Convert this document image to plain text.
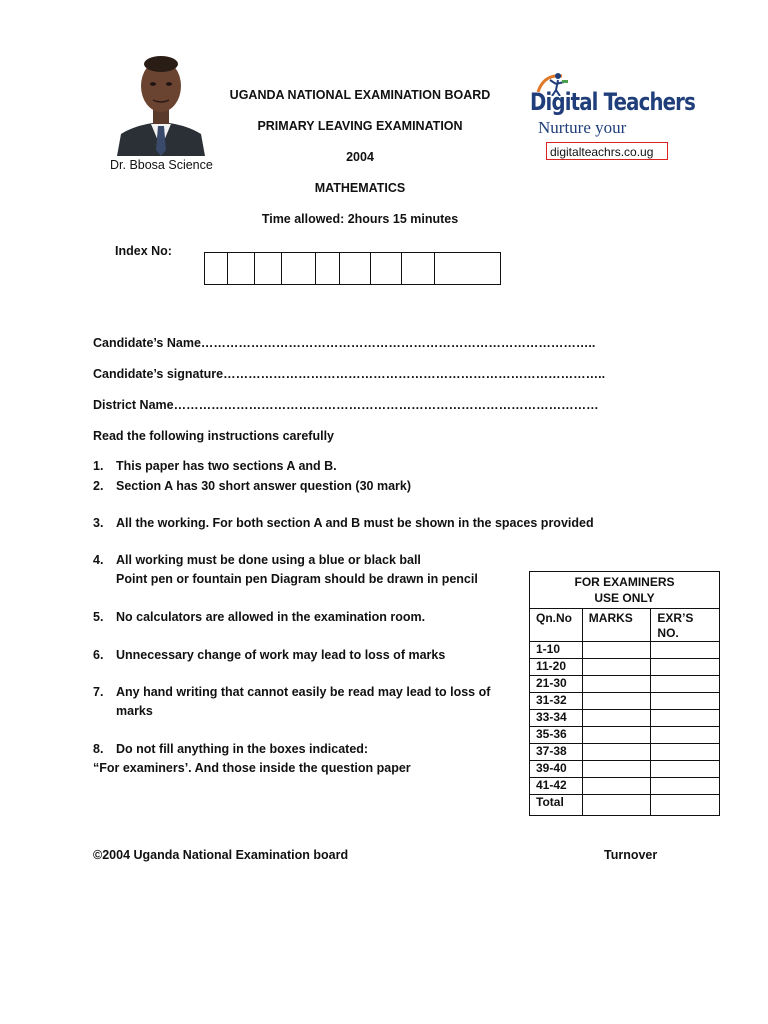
Dr. Bbosa Science
UGANDA NATIONAL EXAMINATION BOARD
PRIMARY LEAVING EXAMINATION
2004
MATHEMATICS
Time allowed: 2hours 15 minutes
Digital Teachers
Nurture your
digitalteachrs.co.ug
Index No:
Candidate’s Name…………………………………………………………………………………..
Candidate’s signature………………………………………………………………………………..
District Name…………………………………………………………………………………………
Read the following instructions carefully
1. This paper has two sections A and B.
2. Section A has 30 short answer question (30 mark)
3. All the working. For both section A and B must be shown in the spaces provided
4. All working must be done using a blue or black ball
Point pen or fountain pen Diagram should be drawn in pencil
5. No calculators are allowed in the examination room.
6. Unnecessary change of work may lead to loss of marks
7. Any hand writing that cannot easily be read may lead to loss of
marks
8. Do not fill anything in the boxes indicated:
“For examiners’. And those inside the question paper
FOR EXAMINERS USE ONLY		

Qn.No	MARKS	EXR’S NO.

1-10		
11-20		
21-30		
31-32		
33-34		
35-36		
37-38		
39-40		
41-42		
Total		
©2004 Uganda National Examination board	Turnover
